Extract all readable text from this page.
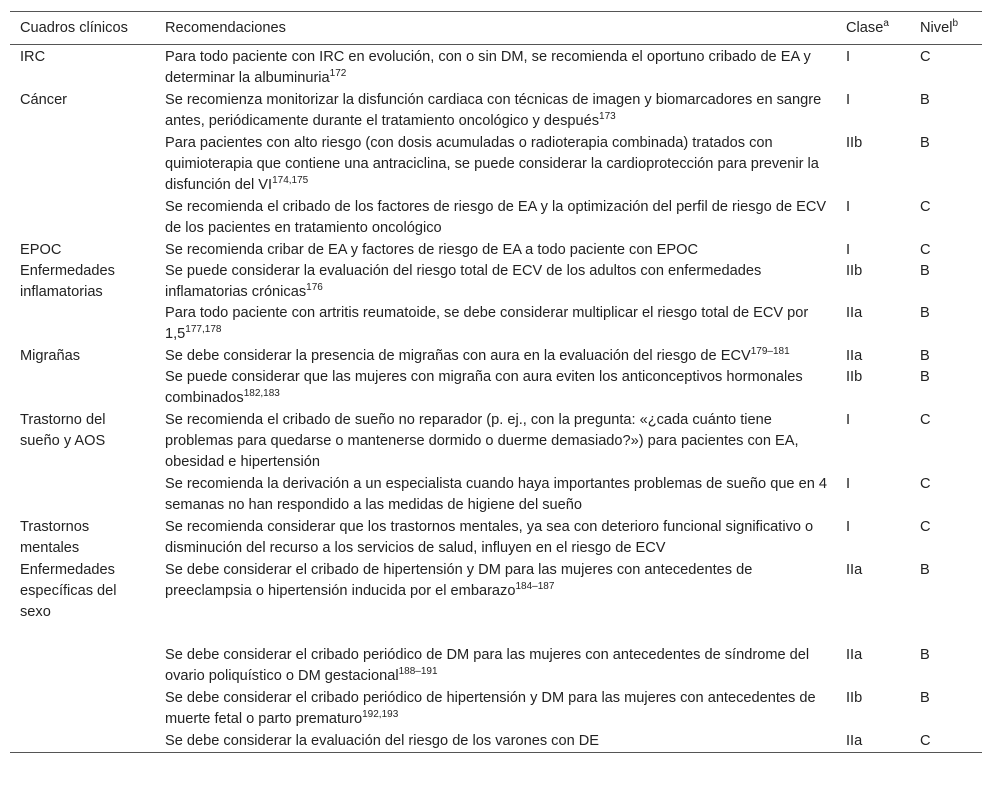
Cuadros clínicos	Recomendaciones	Clase$^a$	Nivel$^b$

IRC	Para todo paciente con IRC en evolución, con o sin DM, se recomienda el oportuno cribado de EA y determinar la albuminuria$^{172}$	I	C
Cáncer	Se recomienza monitorizar la disfunción cardiaca con técnicas de imagen y biomarcadores en sangre antes, periódicamente durante el tratamiento oncológico y después$^{173}$	I	B
	Para pacientes con alto riesgo (con dosis acumuladas o radioterapia combinada) tratados con quimioterapia que contiene una antraciclina, se puede considerar la cardioprotección para prevenir la disfunción del VI$^{174,175}$	IIb	B
	Se recomienda el cribado de los factores de riesgo de EA y la optimización del perfil de riesgo de ECV de los pacientes en tratamiento oncológico	I	C
EPOC	Se recomienda cribar de EA y factores de riesgo de EA a todo paciente con EPOC	I	C
Enfermedades inflamatorias	Se puede considerar la evaluación del riesgo total de ECV de los adultos con enfermedades inflamatorias crónicas$^{176}$	IIb	B
	Para todo paciente con artritis reumatoide, se debe considerar multiplicar el riesgo total de ECV por 1,5$^{177,178}$	IIa	B
Migrañas	Se debe considerar la presencia de migrañas con aura en la evaluación del riesgo de ECV$^{179-181}$	IIa	B
	Se puede considerar que las mujeres con migraña con aura eviten los anticonceptivos hormonales combinados$^{182,183}$	IIb	B
Trastorno del sueño y AOS	Se recomienda el cribado de sueño no reparador (p. ej., con la pregunta: «¿cada cuánto tiene problemas para quedarse o mantenerse dormido o duerme demasiado?») para pacientes con EA, obesidad e hipertensión	I	C
	Se recomienda la derivación a un especialista cuando haya importantes problemas de sueño que en 4 semanas no han respondido a las medidas de higiene del sueño	I	C
Trastornos mentales	Se recomienda considerar que los trastornos mentales, ya sea con deterioro funcional significativo o disminución del recurso a los servicios de salud, influyen en el riesgo de ECV	I	C
Enfermedades específicas del sexo	Se debe considerar el cribado de hipertensión y DM para las mujeres con antecedentes de preeclampsia o hipertensión inducida por el embarazo$^{184-187}$	IIa	B
	Se debe considerar el cribado periódico de DM para las mujeres con antecedentes de síndrome del ovario poliquístico o DM gestacional$^{188-191}$	IIa	B
	Se debe considerar el cribado periódico de hipertensión y DM para las mujeres con antecedentes de muerte fetal o parto prematuro$^{192,193}$	IIb	B
	Se debe considerar la evaluación del riesgo de los varones con DE	IIa	C
